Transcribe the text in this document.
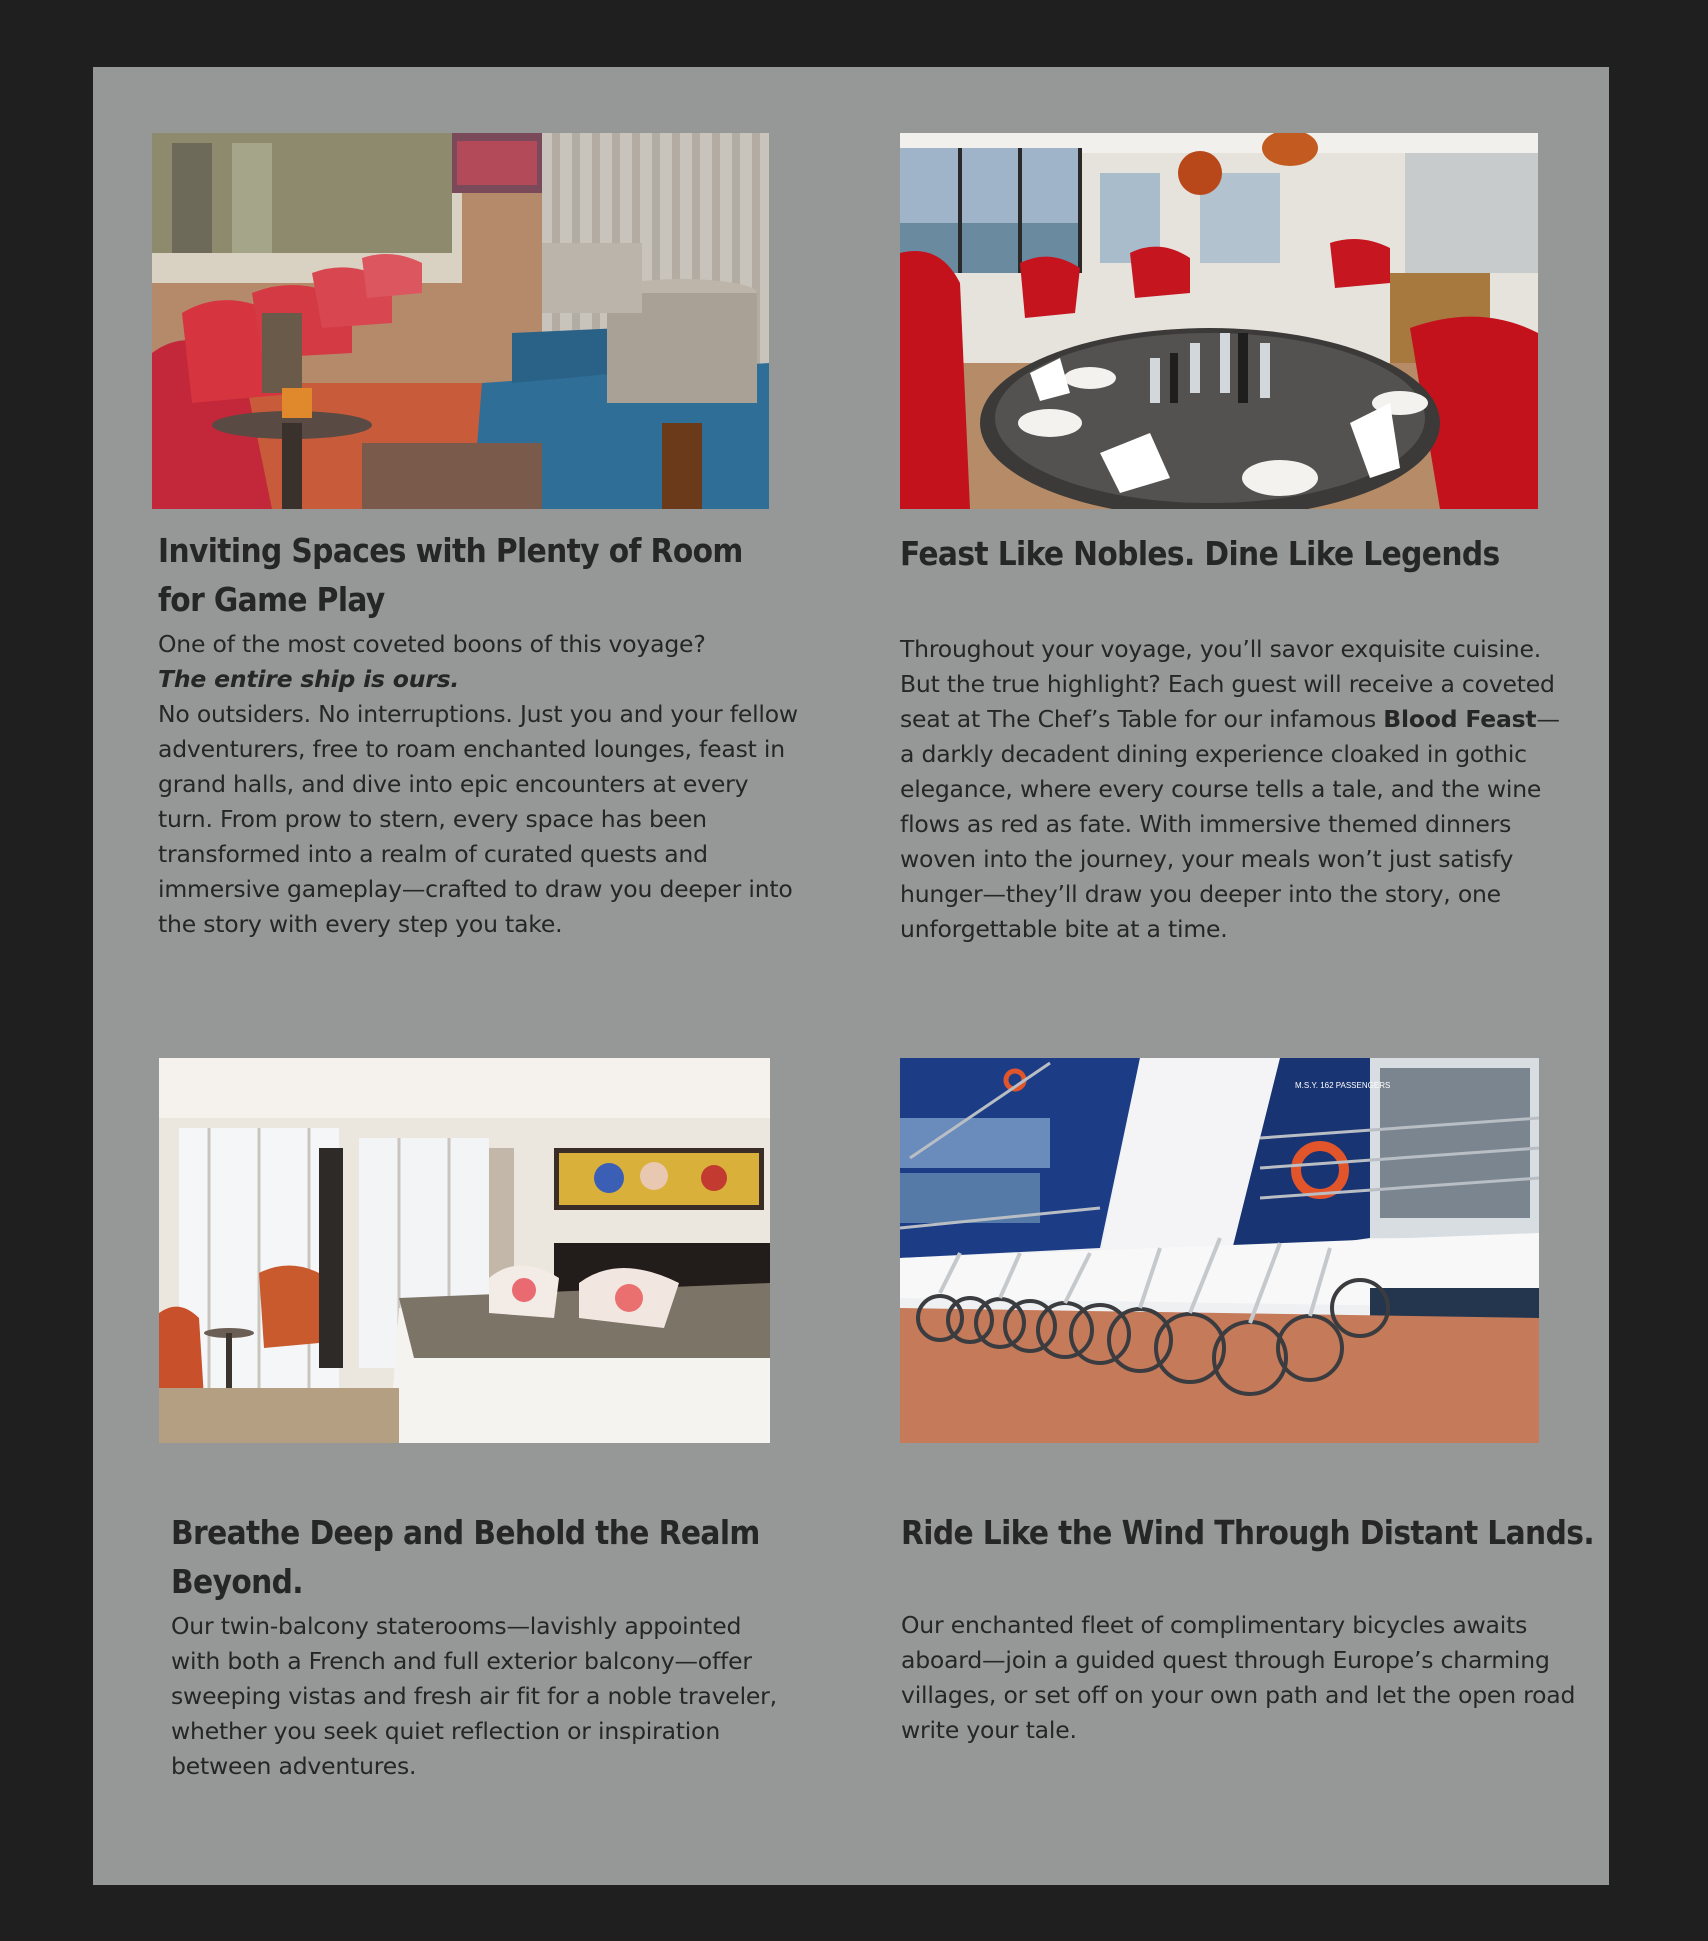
Inviting Spaces with Plenty of Room for Game Play
One of the most coveted boons of this voyage?
The entire ship is ours.
No outsiders. No interruptions. Just you and your fellow adventurers, free to roam enchanted lounges, feast in grand halls, and dive into epic encounters at every turn. From prow to stern, every space has been transformed into a realm of curated quests and immersive gameplay—crafted to draw you deeper into the story with every step you take.
Feast Like Nobles. Dine Like Legends
Throughout your voyage, you’ll savor exquisite cuisine. But the true highlight? Each guest will receive a coveted seat at The Chef’s Table for our infamous Blood Feast—a darkly decadent dining experience cloaked in gothic elegance, where every course tells a tale, and the wine flows as red as fate. With immersive themed dinners woven into the journey, your meals won’t just satisfy hunger—they’ll draw you deeper into the story, one unforgettable bite at a time.
Breathe Deep and Behold the Realm Beyond.
Our twin-balcony staterooms—lavishly appointed with both a French and full exterior balcony—offer sweeping vistas and fresh air fit for a noble traveler, whether you seek quiet reflection or inspiration between adventures.
M.S.Y. 162 PASSENGERS
Ride Like the Wind Through Distant Lands.
Our enchanted fleet of complimentary bicycles awaits aboard—join a guided quest through Europe’s charming villages, or set off on your own path and let the open road write your tale.
